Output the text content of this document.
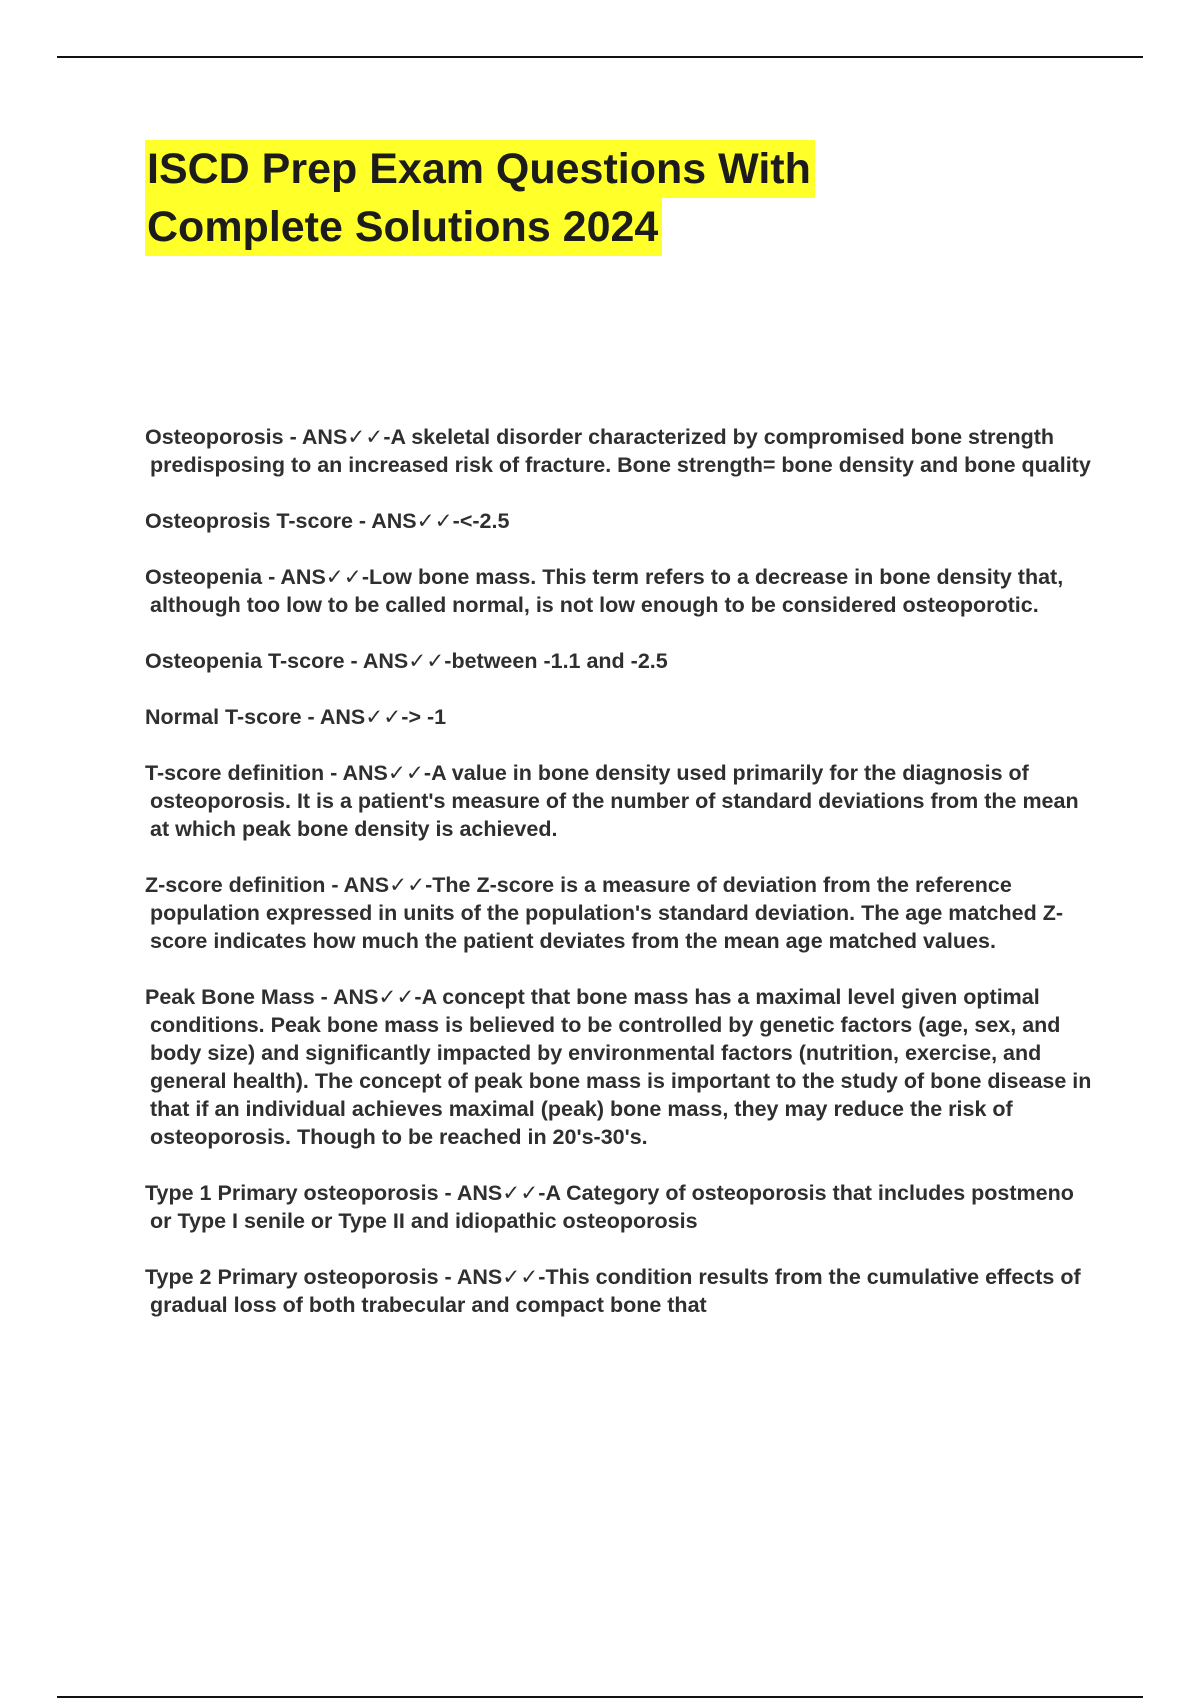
ISCD Prep Exam Questions With
Complete Solutions 2024

Osteoporosis - ANS✓✓-A skeletal disorder characterized by compromised bone strength predisposing to an increased risk of fracture. Bone strength= bone density and bone quality

Osteoprosis T-score - ANS✓✓-<-2.5

Osteopenia - ANS✓✓-Low bone mass. This term refers to a decrease in bone density that, although too low to be called normal, is not low enough to be considered osteoporotic.

Osteopenia T-score - ANS✓✓-between -1.1 and -2.5

Normal T-score - ANS✓✓-> -1

T-score definition - ANS✓✓-A value in bone density used primarily for the diagnosis of osteoporosis. It is a patient's measure of the number of standard deviations from the mean at which peak bone density is achieved.

Z-score definition - ANS✓✓-The Z-score is a measure of deviation from the reference population expressed in units of the population's standard deviation. The age matched Z-score indicates how much the patient deviates from the mean age matched values.

Peak Bone Mass - ANS✓✓-A concept that bone mass has a maximal level given optimal conditions. Peak bone mass is believed to be controlled by genetic factors (age, sex, and body size) and significantly impacted by environmental factors (nutrition, exercise, and general health). The concept of peak bone mass is important to the study of bone disease in that if an individual achieves maximal (peak) bone mass, they may reduce the risk of osteoporosis. Though to be reached in 20's-30's.

Type 1 Primary osteoporosis - ANS✓✓-A Category of osteoporosis that includes postmeno or Type I senile or Type II and idiopathic osteoporosis

Type 2 Primary osteoporosis - ANS✓✓-This condition results from the cumulative effects of gradual loss of both trabecular and compact bone that
